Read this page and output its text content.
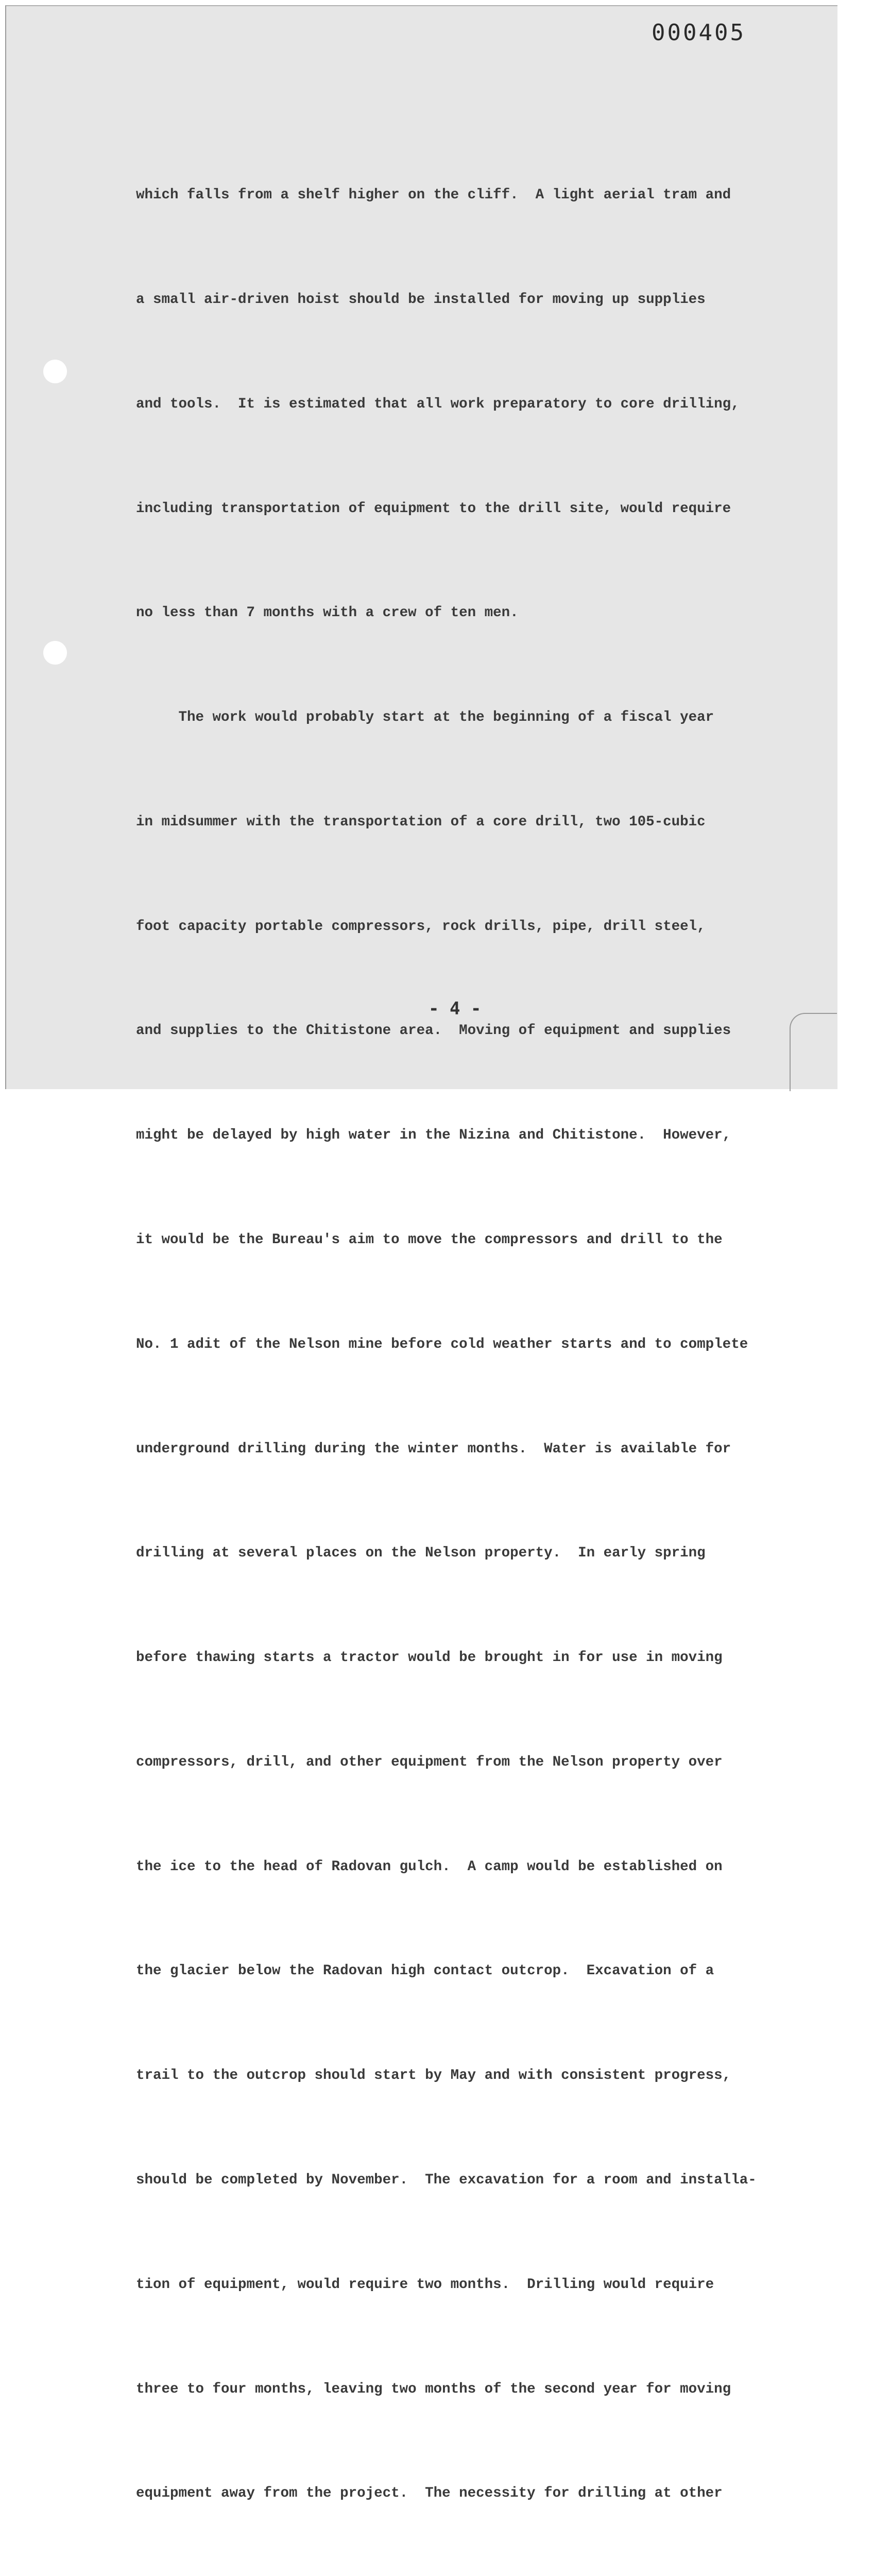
000405

which falls from a shelf higher on the cliff.  A light aerial tram and

a small air-driven hoist should be installed for moving up supplies

and tools.  It is estimated that all work preparatory to core drilling,

including transportation of equipment to the drill site, would require

no less than 7 months with a crew of ten men.

The work would probably start at the beginning of a fiscal year

in midsummer with the transportation of a core drill, two 105-cubic

foot capacity portable compressors, rock drills, pipe, drill steel,

and supplies to the Chitistone area.  Moving of equipment and supplies

might be delayed by high water in the Nizina and Chitistone.  However,

it would be the Bureau's aim to move the compressors and drill to the

No. 1 adit of the Nelson mine before cold weather starts and to complete

underground drilling during the winter months.  Water is available for

drilling at several places on the Nelson property.  In early spring

before thawing starts a tractor would be brought in for use in moving

compressors, drill, and other equipment from the Nelson property over

the ice to the head of Radovan gulch.  A camp would be established on

the glacier below the Radovan high contact outcrop.  Excavation of a

trail to the outcrop should start by May and with consistent progress,

should be completed by November.  The excavation for a room and installa-

tion of equipment, would require two months.  Drilling would require

three to four months, leaving two months of the second year for moving

equipment away from the project.  The necessity for drilling at other

- 4 -
